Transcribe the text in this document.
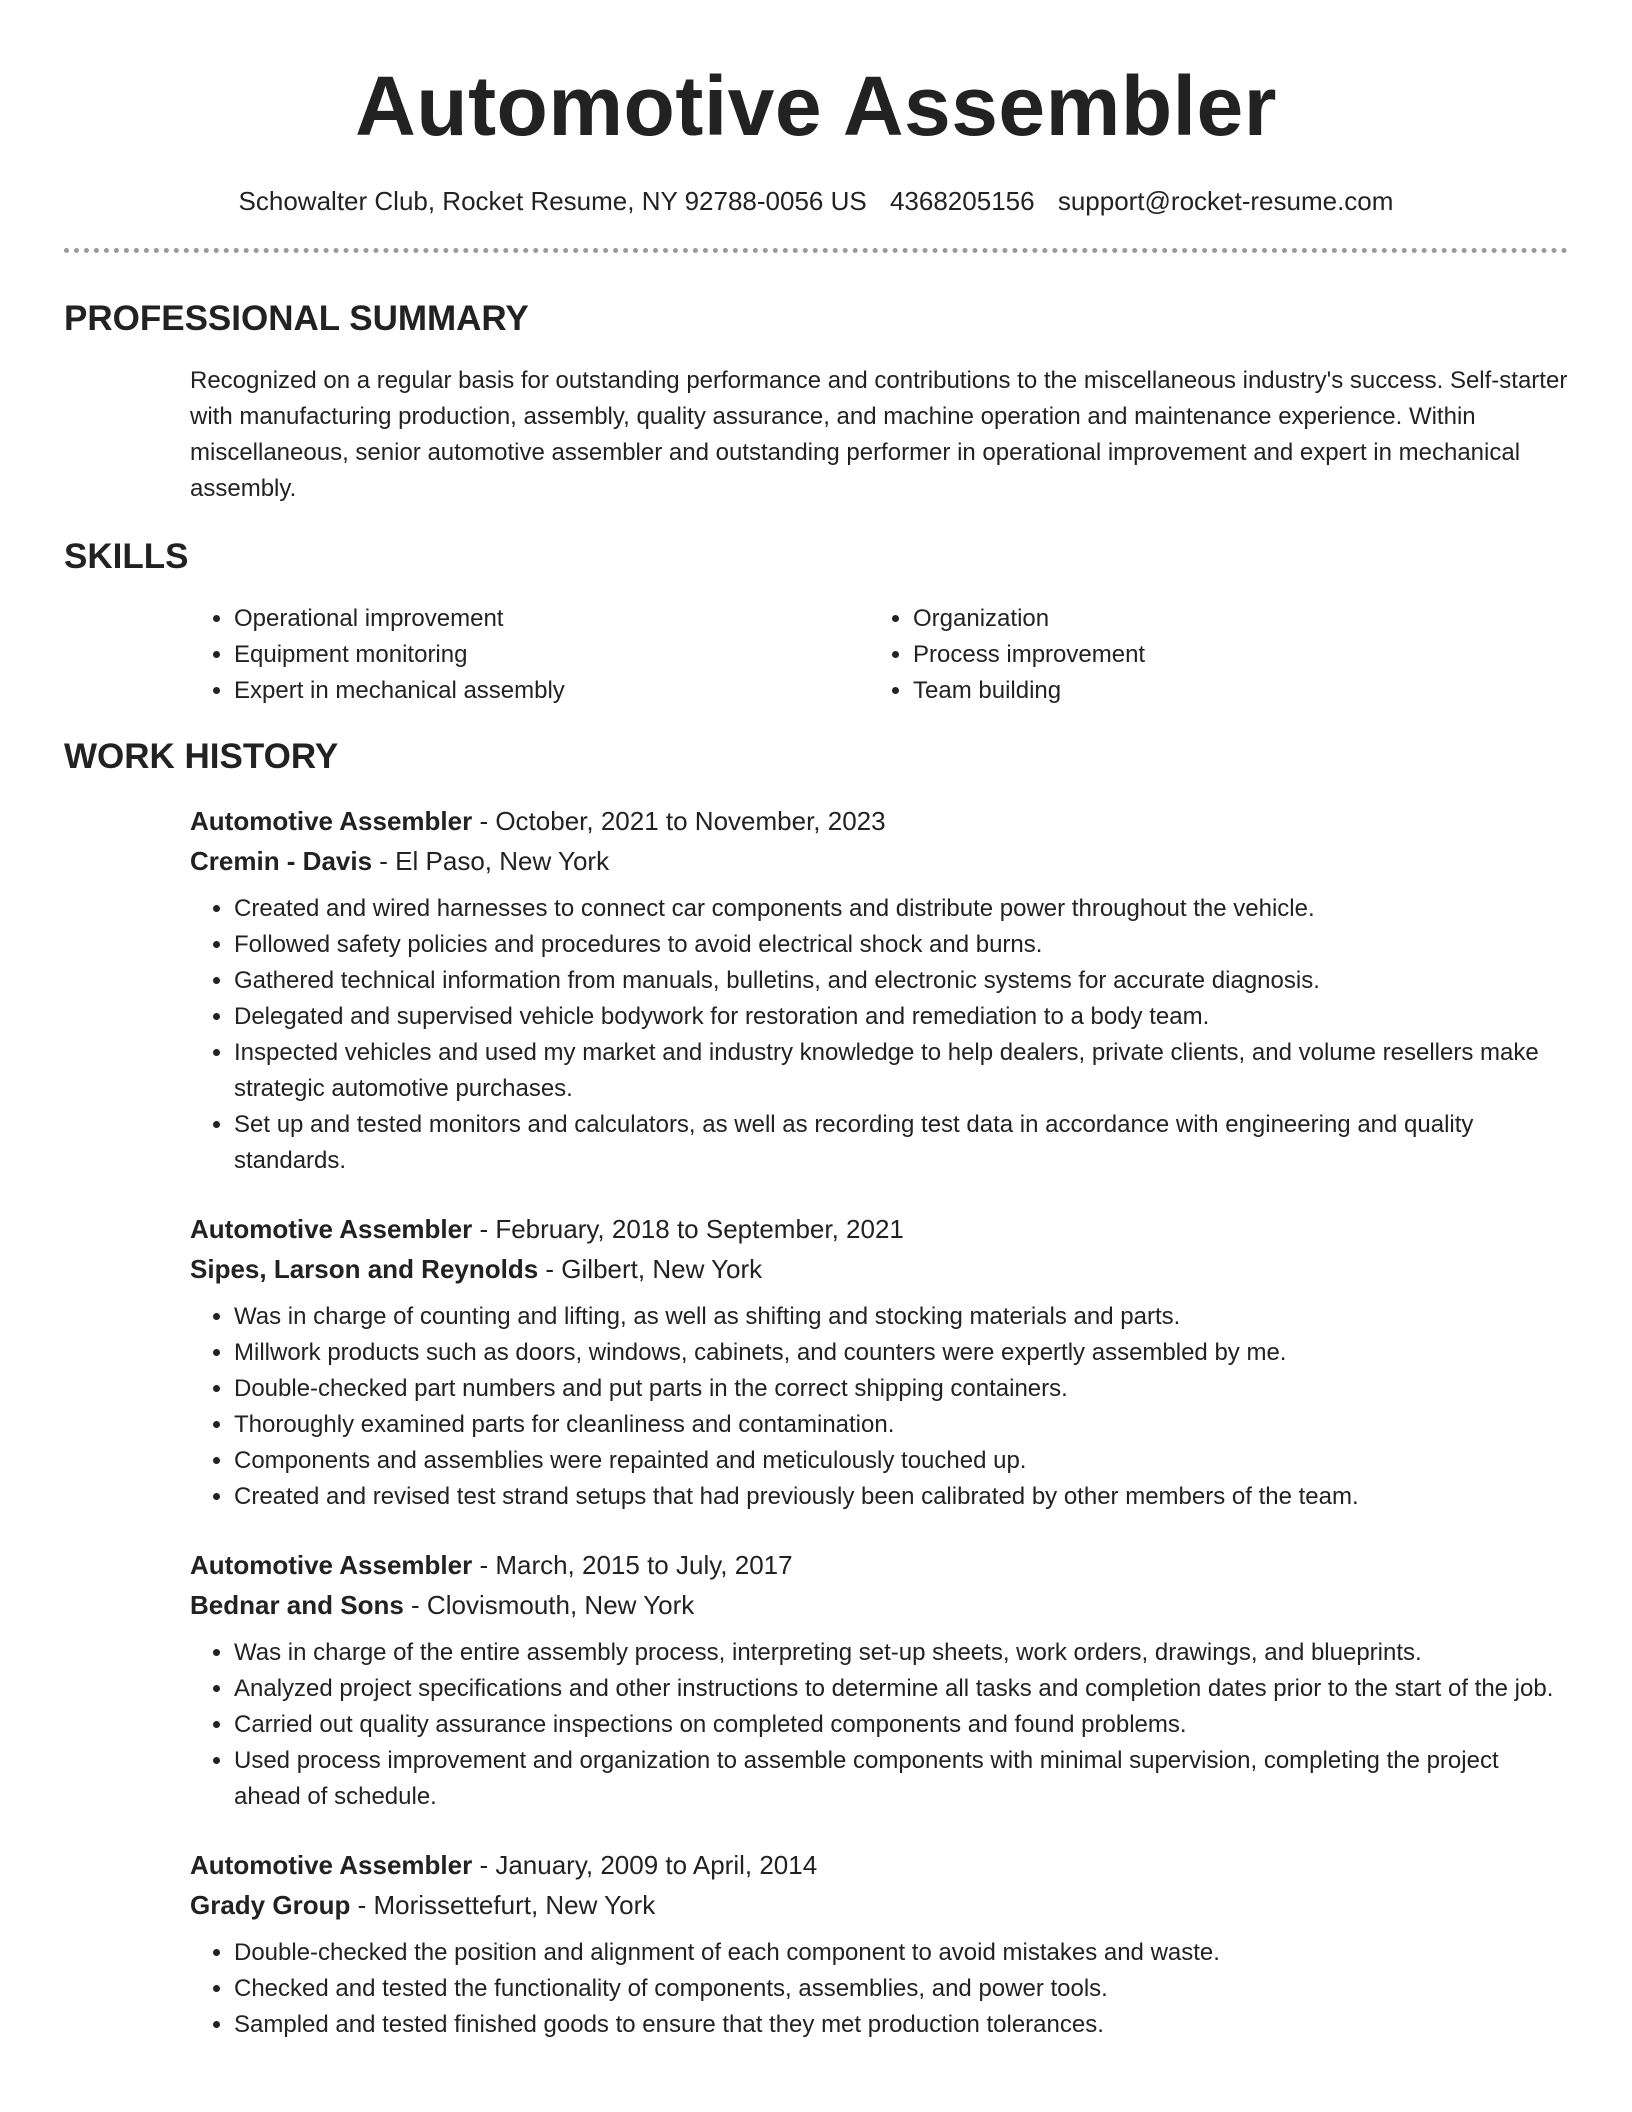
Automotive Assembler
Schowalter Club, Rocket Resume, NY 92788-0056 US 4368205156 support@rocket-resume.com
PROFESSIONAL SUMMARY

Recognized on a regular basis for outstanding performance and contributions to the miscellaneous industry's success. Self-starter with manufacturing production, assembly, quality assurance, and machine operation and maintenance experience. Within miscellaneous, senior automotive assembler and outstanding performer in operational improvement and expert in mechanical assembly.

SKILLS
• Operational improvement
• Equipment monitoring
• Expert in mechanical assembly
• Organization
• Process improvement
• Team building
WORK HISTORY
Automotive Assembler - October, 2021 to November, 2023
Cremin - Davis - El Paso, New York
• Created and wired harnesses to connect car components and distribute power throughout the vehicle.
• Followed safety policies and procedures to avoid electrical shock and burns.
• Gathered technical information from manuals, bulletins, and electronic systems for accurate diagnosis.
• Delegated and supervised vehicle bodywork for restoration and remediation to a body team.
• Inspected vehicles and used my market and industry knowledge to help dealers, private clients, and volume resellers make strategic automotive purchases.
• Set up and tested monitors and calculators, as well as recording test data in accordance with engineering and quality standards.
Automotive Assembler - February, 2018 to September, 2021
Sipes, Larson and Reynolds - Gilbert, New York
• Was in charge of counting and lifting, as well as shifting and stocking materials and parts.
• Millwork products such as doors, windows, cabinets, and counters were expertly assembled by me.
• Double-checked part numbers and put parts in the correct shipping containers.
• Thoroughly examined parts for cleanliness and contamination.
• Components and assemblies were repainted and meticulously touched up.
• Created and revised test strand setups that had previously been calibrated by other members of the team.
Automotive Assembler - March, 2015 to July, 2017
Bednar and Sons - Clovismouth, New York
• Was in charge of the entire assembly process, interpreting set-up sheets, work orders, drawings, and blueprints.
• Analyzed project specifications and other instructions to determine all tasks and completion dates prior to the start of the job.
• Carried out quality assurance inspections on completed components and found problems.
• Used process improvement and organization to assemble components with minimal supervision, completing the project ahead of schedule.
Automotive Assembler - January, 2009 to April, 2014
Grady Group - Morissettefurt, New York
• Double-checked the position and alignment of each component to avoid mistakes and waste.
• Checked and tested the functionality of components, assemblies, and power tools.
• Sampled and tested finished goods to ensure that they met production tolerances.
